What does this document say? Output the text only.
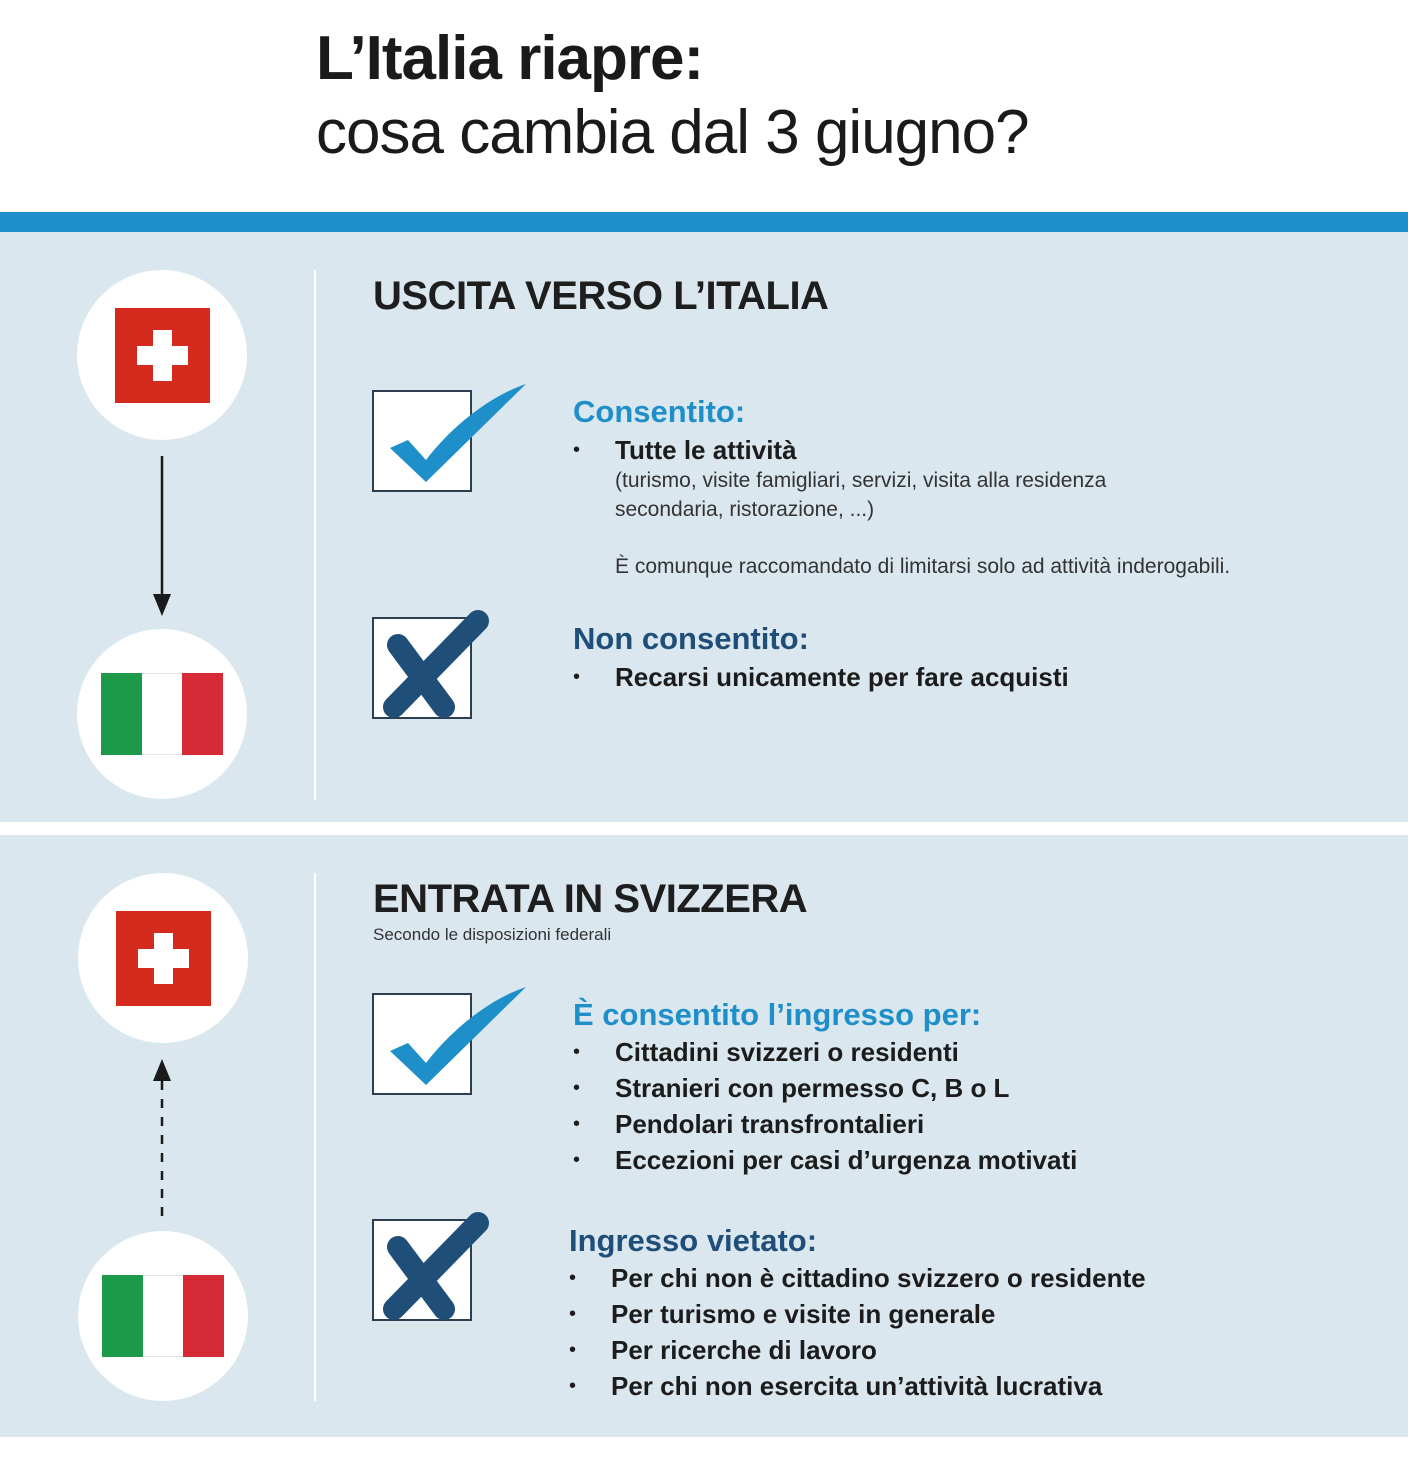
L’Italia riapre:
cosa cambia dal 3 giugno?
USCITA VERSO L’ITALIA
Consentito:
• Tutte le attività
(turismo, visite famigliari, servizi, visita alla residenza secondaria, ristorazione, ...)
È comunque raccomandato di limitarsi solo ad attività inderogabili.
Non consentito:
• Recarsi unicamente per fare acquisti
ENTRATA IN SVIZZERA
Secondo le disposizioni federali
È consentito l’ingresso per:
• Cittadini svizzeri o residenti
• Stranieri con permesso C, B o L
• Pendolari transfrontalieri
• Eccezioni per casi d’urgenza motivati
Ingresso vietato:
• Per chi non è cittadino svizzero o residente
• Per turismo e visite in generale
• Per ricerche di lavoro
• Per chi non esercita un’attività lucrativa
